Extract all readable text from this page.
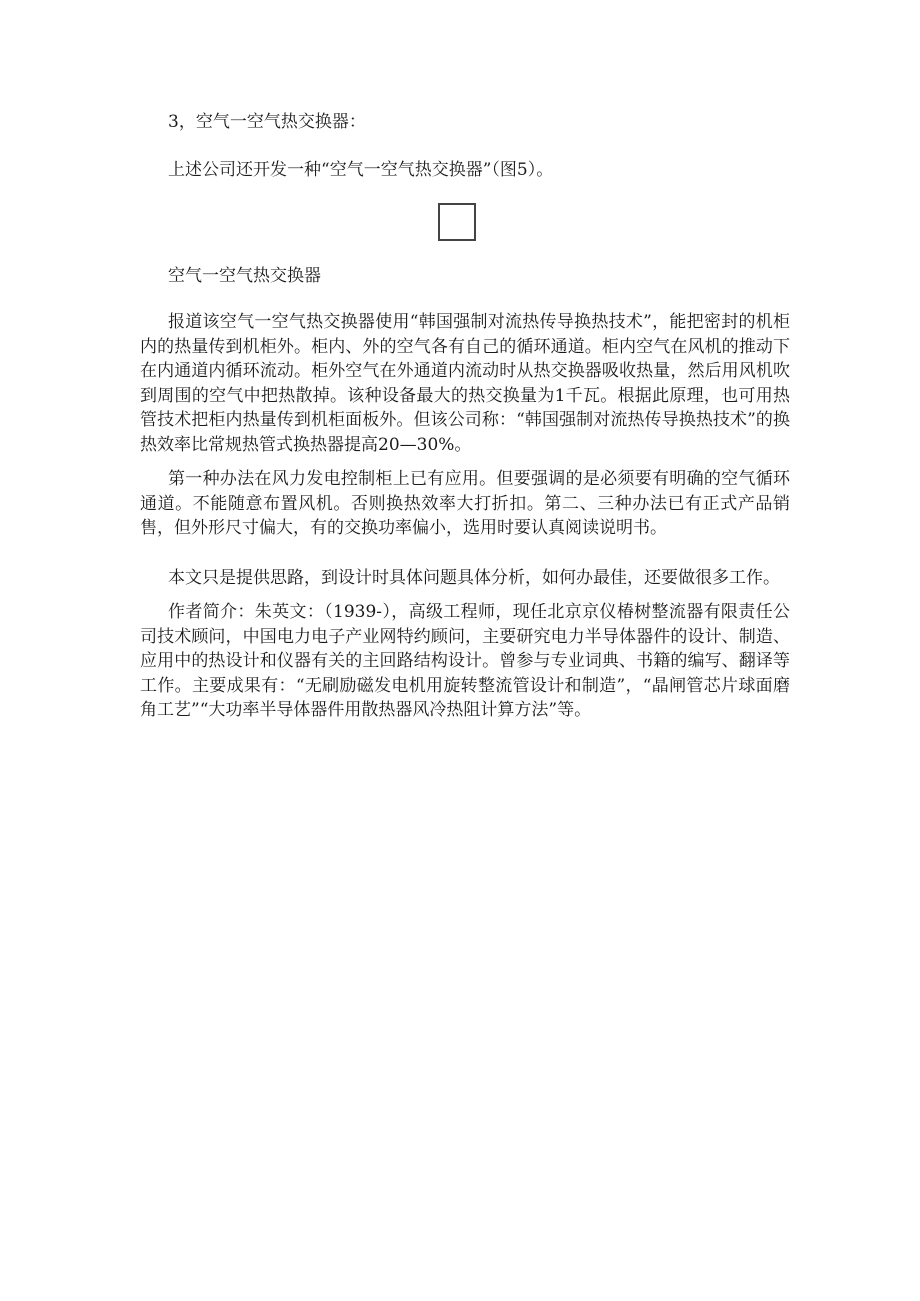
3，空气一空气热交换器：
上述公司还开发一种“空气一空气热交换器”（图5）。
空气一空气热交换器
报道该空气一空气热交换器使用“韩国强制对流热传导换热技术”，能把密封的机柜内的热量传到机柜外。柜内、外的空气各有自己的循环通道。柜内空气在风机的推动下在内通道内循环流动。柜外空气在外通道内流动时从热交换器吸收热量，然后用风机吹到周围的空气中把热散掉。该种设备最大的热交换量为1千瓦。根据此原理，也可用热管技术把柜内热量传到机柜面板外。但该公司称：“韩国强制对流热传导换热技术”的换热效率比常规热管式换热器提高20—30%。
第一种办法在风力发电控制柜上已有应用。但要强调的是必须要有明确的空气循环通道。不能随意布置风机。否则换热效率大打折扣。第二、三种办法已有正式产品销售，但外形尺寸偏大，有的交换功率偏小，选用时要认真阅读说明书。
本文只是提供思路，到设计时具体问题具体分析，如何办最佳，还要做很多工作。
作者简介：朱英文：（1939-），高级工程师，现任北京京仪椿树整流器有限责任公司技术顾问，中国电力电子产业网特约顾问，主要研究电力半导体器件的设计、制造、应用中的热设计和仪器有关的主回路结构设计。曾参与专业词典、书籍的编写、翻译等工作。主要成果有：“无刷励磁发电机用旋转整流管设计和制造”，“晶闸管芯片球面磨角工艺”“大功率半导体器件用散热器风冷热阻计算方法”等。
